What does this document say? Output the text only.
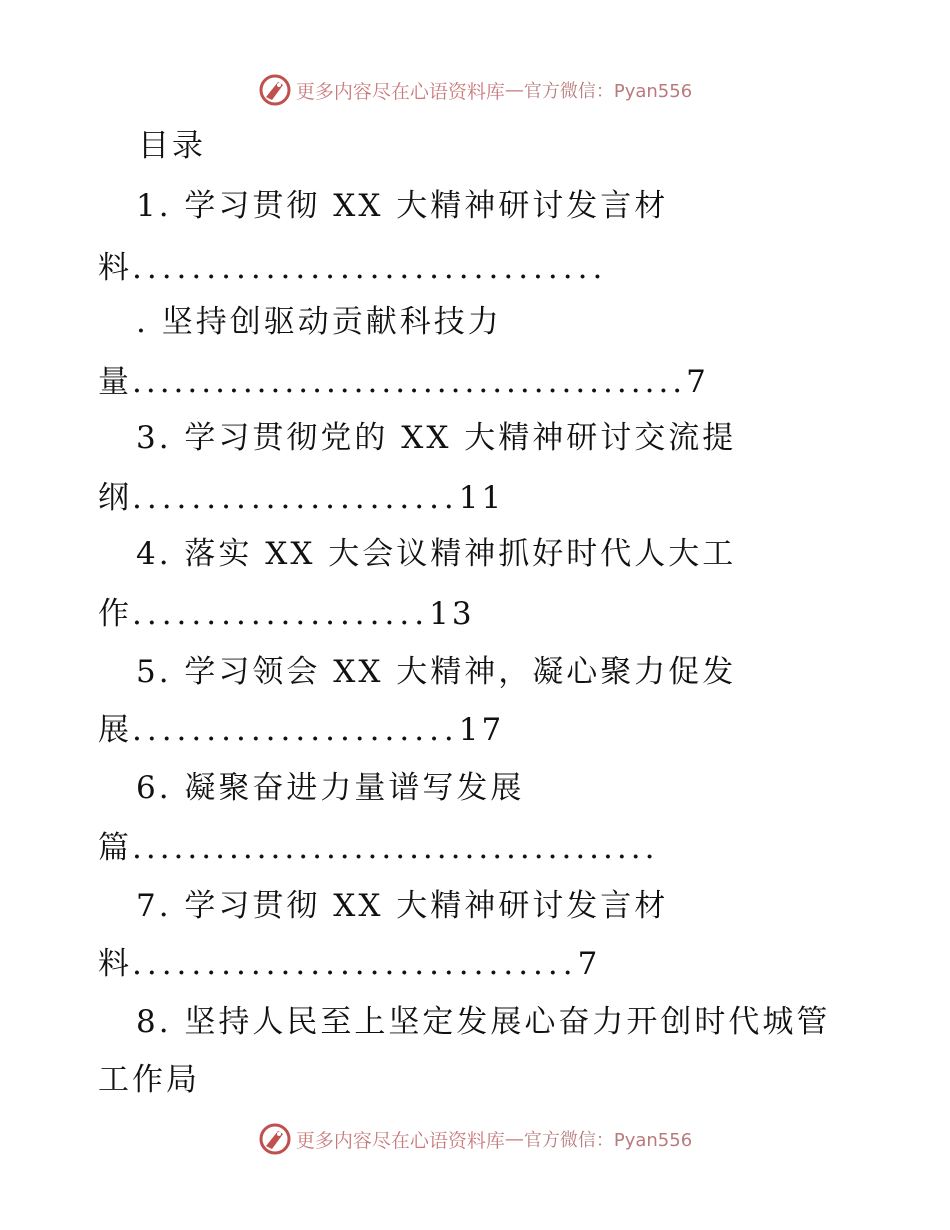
更多内容尽在心语资料库 — 官方微信：Pyan556
目录
1. 学习贯彻 XX 大精神研讨发言材
料................................
. 坚持创驱动贡献科技力
量........................................7
3. 学习贯彻党的 XX 大精神研讨交流提
纲......................11
4. 落实 XX 大会议精神抓好时代人大工
作....................13
5. 学习领会 XX 大精神，凝心聚力促发
展......................17
6. 凝聚奋进力量谱写发展
篇......................................
7. 学习贯彻 XX 大精神研讨发言材
料..............................7
8. 坚持人民至上坚定发展心奋力开创时代城管
工作局
更多内容尽在心语资料库 — 官方微信：Pyan556
